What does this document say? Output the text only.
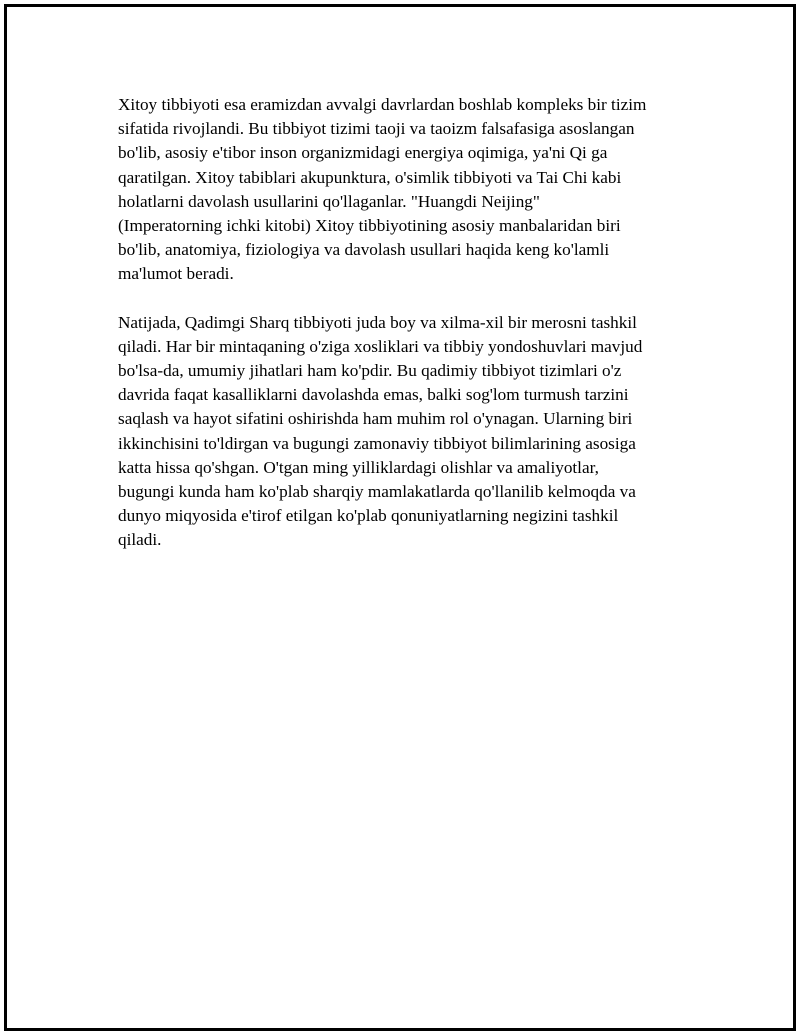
Xitoy tibbiyoti esa eramizdan avvalgi davrlardan boshlab kompleks bir tizim
sifatida rivojlandi. Bu tibbiyot tizimi taoji va taoizm falsafasiga asoslangan
bo'lib, asosiy e'tibor inson organizmidagi energiya oqimiga, ya'ni Qi ga
qaratilgan. Xitoy tabiblari akupunktura, o'simlik tibbiyoti va Tai Chi kabi
holatlarni davolash usullarini qo'llaganlar. "Huangdi Neijing"
(Imperatorning ichki kitobi) Xitoy tibbiyotining asosiy manbalaridan biri
bo'lib, anatomiya, fiziologiya va davolash usullari haqida keng ko'lamli
ma'lumot beradi.

Natijada, Qadimgi Sharq tibbiyoti juda boy va xilma-xil bir merosni tashkil
qiladi. Har bir mintaqaning o'ziga xosliklari va tibbiy yondoshuvlari mavjud
bo'lsa-da, umumiy jihatlari ham ko'pdir. Bu qadimiy tibbiyot tizimlari o'z
davrida faqat kasalliklarni davolashda emas, balki sog'lom turmush tarzini
saqlash va hayot sifatini oshirishda ham muhim rol o'ynagan. Ularning biri
ikkinchisini to'ldirgan va bugungi zamonaviy tibbiyot bilimlarining asosiga
katta hissa qo'shgan. O'tgan ming yilliklardagi olishlar va amaliyotlar,
bugungi kunda ham ko'plab sharqiy mamlakatlarda qo'llanilib kelmoqda va
dunyo miqyosida e'tirof etilgan ko'plab qonuniyatlarning negizini tashkil
qiladi.
